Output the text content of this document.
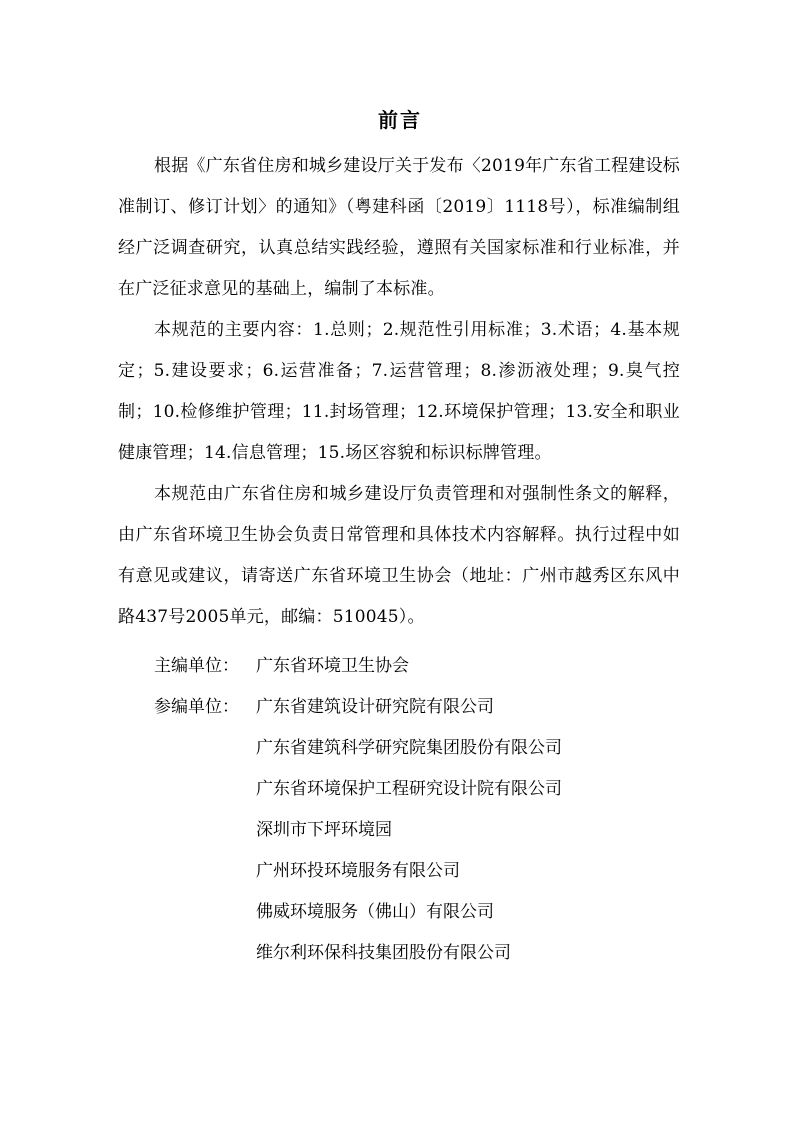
前言

根据《广东省住房和城乡建设厅关于发布〈2019年广东省工程建设标准制订、修订计划〉的通知》（粤建科函〔2019〕1118号），标准编制组经广泛调查研究，认真总结实践经验，遵照有关国家标准和行业标准，并在广泛征求意见的基础上，编制了本标准。

本规范的主要内容：1.总则；2.规范性引用标准；3.术语；4.基本规定；5.建设要求；6.运营准备；7.运营管理；8.渗沥液处理；9.臭气控制；10.检修维护管理；11.封场管理；12.环境保护管理；13.安全和职业健康管理；14.信息管理；15.场区容貌和标识标牌管理。

本规范由广东省住房和城乡建设厅负责管理和对强制性条文的解释，由广东省环境卫生协会负责日常管理和具体技术内容解释。执行过程中如有意见或建议，请寄送广东省环境卫生协会（地址：广州市越秀区东风中路437号2005单元，邮编：510045）。

主编单位： 广东省环境卫生协会
参编单位： 广东省建筑设计研究院有限公司
广东省建筑科学研究院集团股份有限公司
广东省环境保护工程研究设计院有限公司
深圳市下坪环境园
广州环投环境服务有限公司
佛威环境服务（佛山）有限公司
维尔利环保科技集团股份有限公司
